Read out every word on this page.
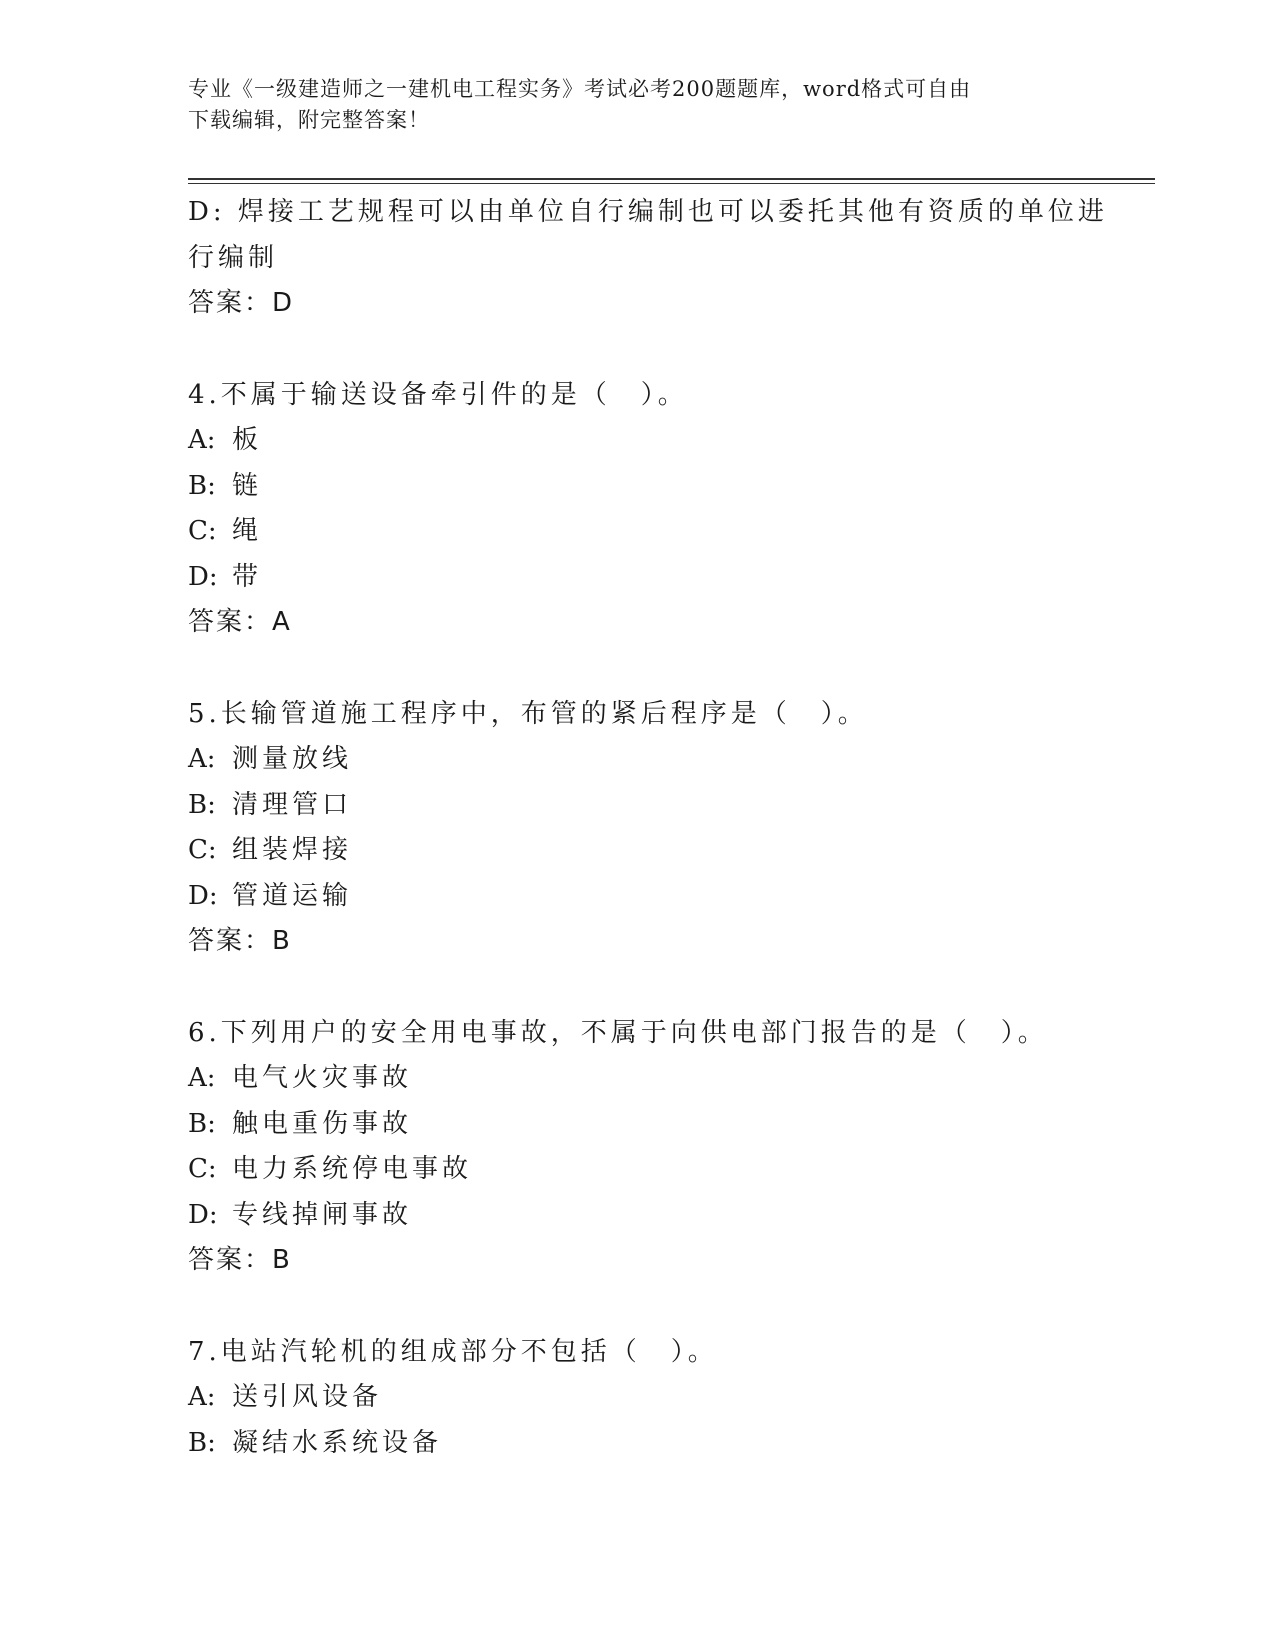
专业《一级建造师之一建机电工程实务》考试必考200题题库，word格式可自由
下载编辑，附完整答案！
D: 焊接工艺规程可以由单位自行编制也可以委托其他有资质的单位进
行编制
答案：D
4.不属于输送设备牵引件的是（　）。
A: 板
B: 链
C: 绳
D: 带
答案：A
5.长输管道施工程序中，布管的紧后程序是（　）。
A: 测量放线
B: 清理管口
C: 组装焊接
D: 管道运输
答案：B
6.下列用户的安全用电事故，不属于向供电部门报告的是（　）。
A: 电气火灾事故
B: 触电重伤事故
C: 电力系统停电事故
D: 专线掉闸事故
答案：B
7.电站汽轮机的组成部分不包括（　）。
A: 送引风设备
B: 凝结水系统设备
